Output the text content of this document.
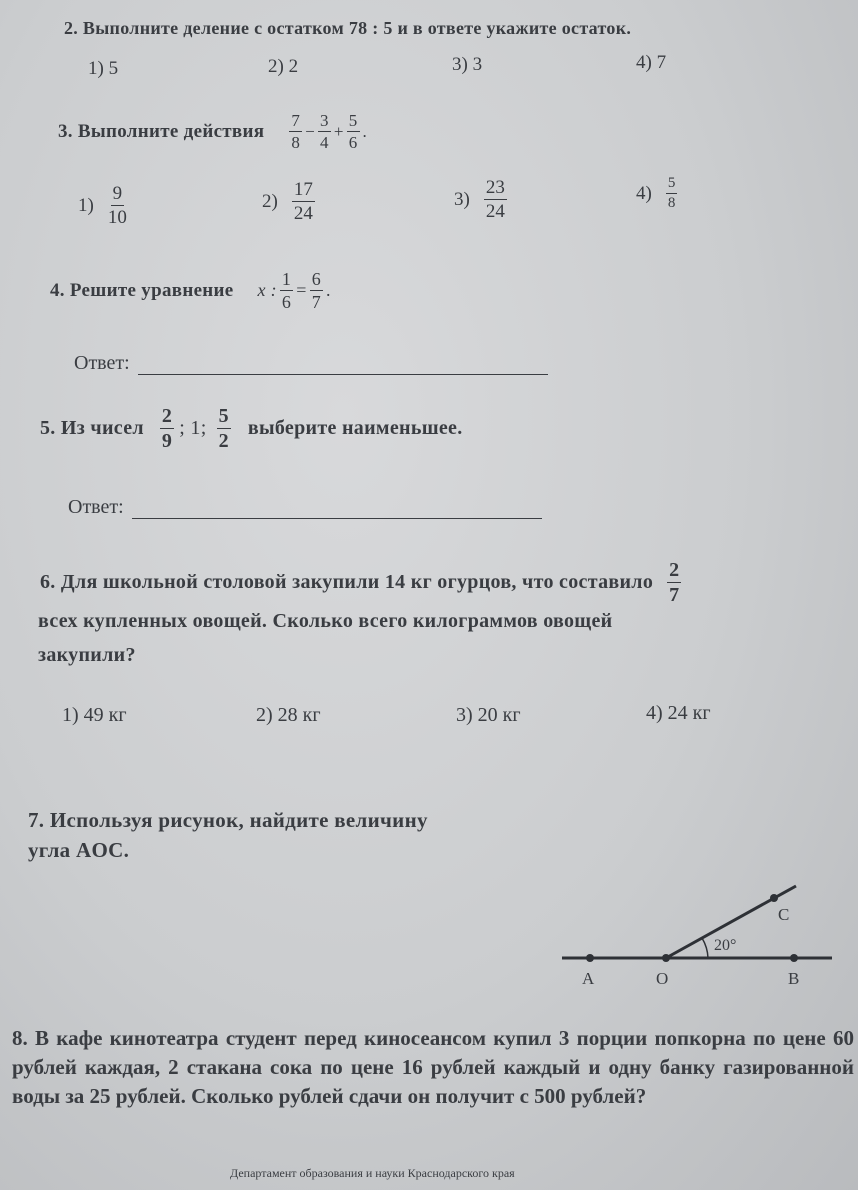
2. Выполните деление с остатком 78 : 5 и в ответе укажите остаток.
1) 5	2) 2	3) 3	4) 7
3. Выполните действия $\frac{7}{8} - \frac{3}{4} + \frac{5}{6}$ .
$1) \frac{9}{10}$	$2) \frac{17}{24}$	$3) \frac{23}{24}$	$4) \frac{5}{8}$
4. Решите уравнение x : $\frac{1}{6} = \frac{6}{7}$ .
Ответ:
5. Из чисел $\frac{2}{9}$ ; 1; $\frac{5}{2}$ выберите наименьшее.
Ответ:
6. Для школьной столовой закупили 14 кг огурцов, что составило $\frac{2}{7}$
всех купленных овощей. Сколько всего килограммов овощей
закупили?
1) 49 кг	2) 28 кг	3) 20 кг	4) 24 кг
7. Используя рисунок, найдите величину
угла AOC.
A	O	B
C
20°
8. В кафе кинотеатра студент перед киносеансом купил 3 порции попкорна по цене 60 рублей каждая, 2 стакана сока по цене 16 рублей каждый и одну банку газированной воды за 25 рублей. Сколько рублей сдачи он получит с 500 рублей?
Департамент образования и науки Краснодарского края
